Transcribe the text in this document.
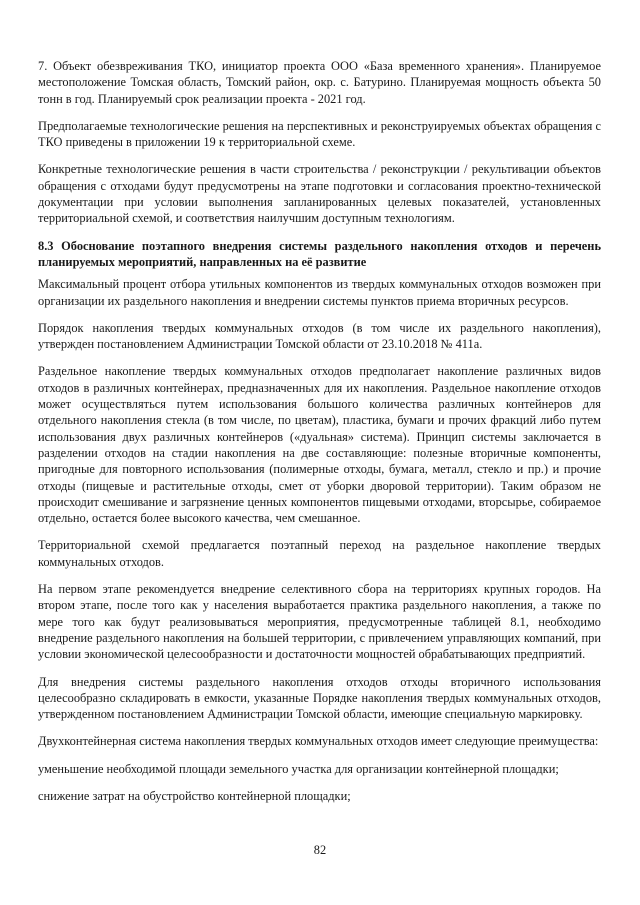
7. Объект обезвреживания ТКО, инициатор проекта ООО «База временного хранения». Планируемое местоположение Томская область, Томский район, окр. с. Батурино. Планируемая мощность объекта 50 тонн в год. Планируемый срок реализации проекта - 2021 год.

Предполагаемые технологические решения на перспективных и реконструируемых объектах обращения с ТКО приведены в приложении 19 к территориальной схеме.

Конкретные технологические решения в части строительства / реконструкции / рекультивации объектов обращения с отходами будут предусмотрены на этапе подготовки и согласования проектно-технической документации при условии выполнения запланированных целевых показателей, установленных территориальной схемой, и соответствия наилучшим доступным технологиям.

8.3 Обоснование поэтапного внедрения системы раздельного накопления отходов и перечень планируемых мероприятий, направленных на её развитие

Максимальный процент отбора утильных компонентов из твердых коммунальных отходов возможен при организации их раздельного накопления и внедрении системы пунктов приема вторичных ресурсов.

Порядок накопления твердых коммунальных отходов (в том числе их раздельного накопления), утвержден постановлением Администрации Томской области от 23.10.2018 № 411а.

Раздельное накопление твердых коммунальных отходов предполагает накопление различных видов отходов в различных контейнерах, предназначенных для их накопления. Раздельное накопление отходов может осуществляться путем использования большого количества различных контейнеров для отдельного накопления стекла (в том числе, по цветам), пластика, бумаги и прочих фракций либо путем использования двух различных контейнеров («дуальная» система). Принцип системы заключается в разделении отходов на стадии накопления на две составляющие: полезные вторичные компоненты, пригодные для повторного использования (полимерные отходы, бумага, металл, стекло и пр.) и прочие отходы (пищевые и растительные отходы, смет от уборки дворовой территории). Таким образом не происходит смешивание и загрязнение ценных компонентов пищевыми отходами, вторсырье, собираемое отдельно, остается более высокого качества, чем смешанное.

Территориальной схемой предлагается поэтапный переход на раздельное накопление твердых коммунальных отходов.

На первом этапе рекомендуется внедрение селективного сбора на территориях крупных городов. На втором этапе, после того как у населения выработается практика раздельного накопления, а также по мере того как будут реализовываться мероприятия, предусмотренные таблицей 8.1, необходимо внедрение раздельного накопления на большей территории, с привлечением управляющих компаний, при условии экономической целесообразности и достаточности мощностей обрабатывающих предприятий.

Для внедрения системы раздельного накопления отходов отходы вторичного использования целесообразно складировать в емкости, указанные Порядке накопления твердых коммунальных отходов, утвержденном постановлением Администрации Томской области, имеющие специальную маркировку.

Двухконтейнерная система накопления твердых коммунальных отходов имеет следующие преимущества:

уменьшение необходимой площади земельного участка для организации контейнерной площадки;

снижение затрат на обустройство контейнерной площадки;

82
